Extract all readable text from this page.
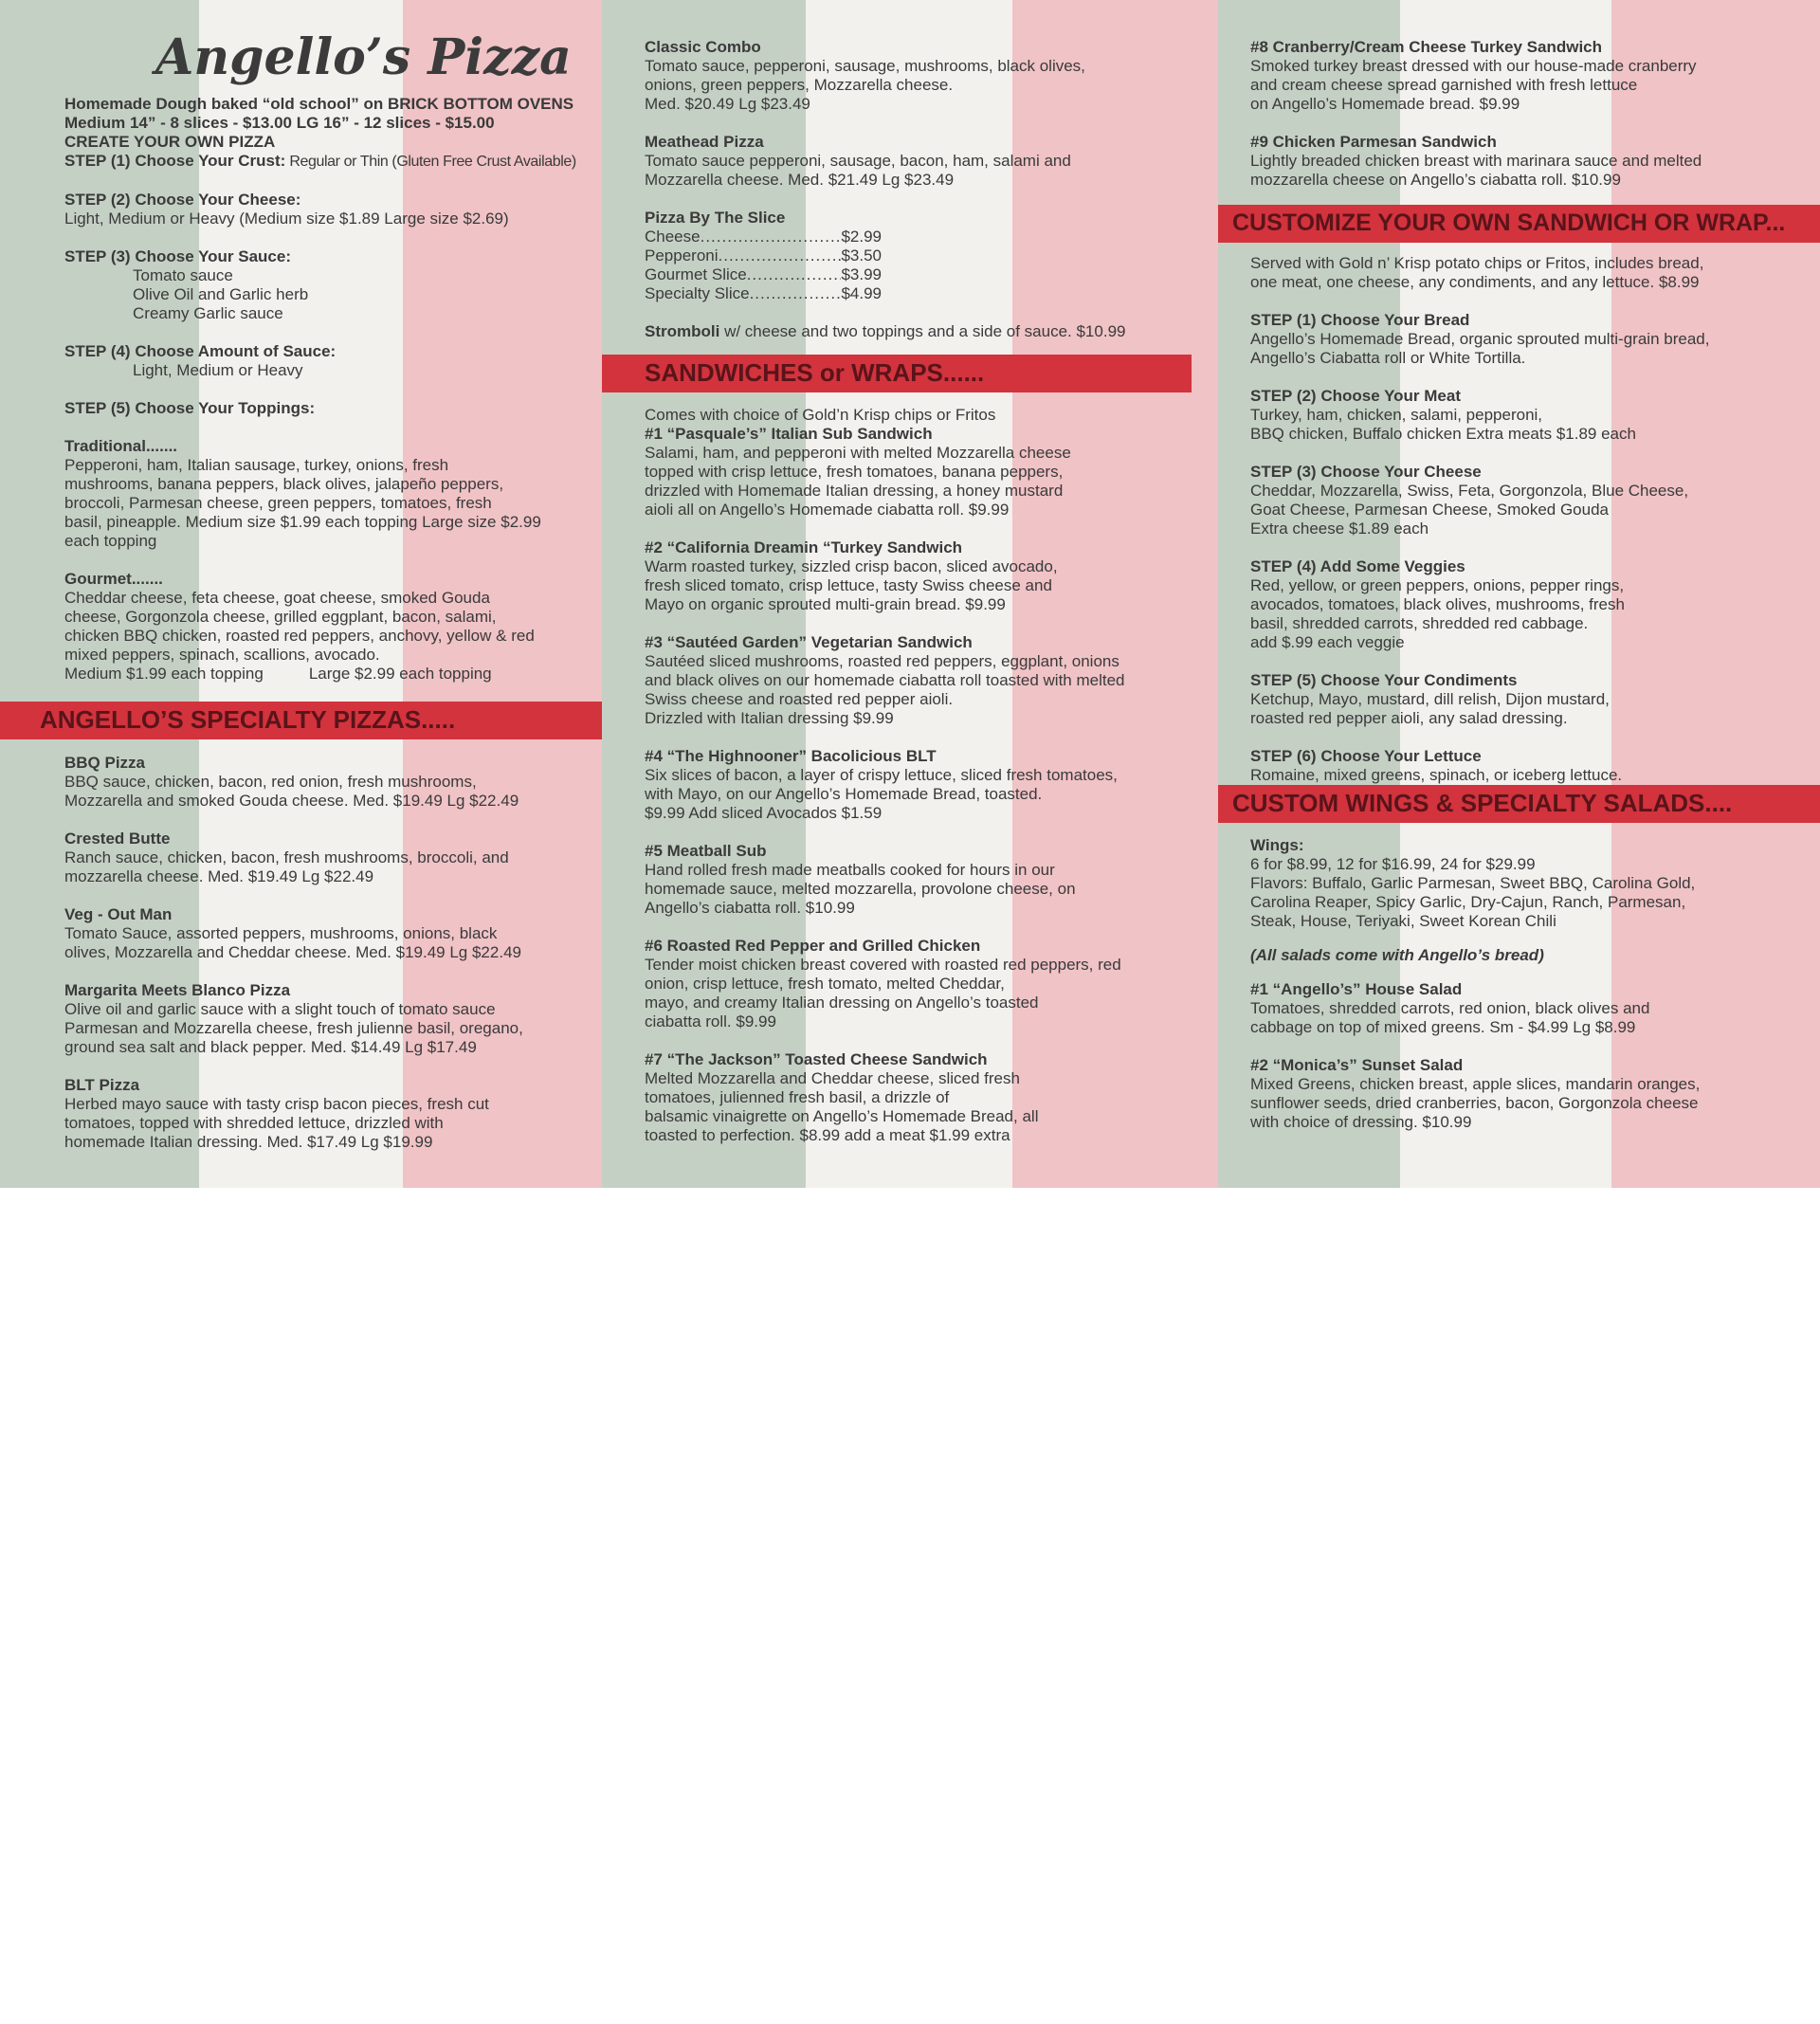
Angello’s Pizza
Homemade Dough baked “old school” on BRICK BOTTOM OVENS
Medium 14” - 8 slices - $13.00 LG 16” - 12 slices - $15.00
CREATE YOUR OWN PIZZA
STEP (1) Choose Your Crust: Regular or Thin (Gluten Free Crust Available)
STEP (2) Choose Your Cheese:
Light, Medium or Heavy (Medium size $1.89 Large size $2.69)
STEP (3) Choose Your Sauce:
Tomato sauce
Olive Oil and Garlic herb
Creamy Garlic sauce
STEP (4) Choose Amount of Sauce:
Light, Medium or Heavy
STEP (5) Choose Your Toppings:
Traditional.......
Pepperoni, ham, Italian sausage, turkey, onions, fresh
mushrooms, banana peppers, black olives, jalapeño peppers,
broccoli, Parmesan cheese, green peppers, tomatoes, fresh
basil, pineapple. Medium size $1.99 each topping Large size $2.99
each topping
Gourmet.......
Cheddar cheese, feta cheese, goat cheese, smoked Gouda
cheese, Gorgonzola cheese, grilled eggplant, bacon, salami,
chicken BBQ chicken, roasted red peppers, anchovy, yellow & red
mixed peppers, spinach, scallions, avocado.
Medium $1.99 each topping	Large $2.99 each topping
ANGELLO’S SPECIALTY PIZZAS.....
BBQ Pizza
BBQ sauce, chicken, bacon, red onion, fresh mushrooms,
Mozzarella and smoked Gouda cheese. Med. $19.49 Lg $22.49
Crested Butte
Ranch sauce, chicken, bacon, fresh mushrooms, broccoli, and
mozzarella cheese. Med. $19.49 Lg $22.49
Veg - Out Man
Tomato Sauce, assorted peppers, mushrooms, onions, black
olives, Mozzarella and Cheddar cheese. Med. $19.49 Lg $22.49
Margarita Meets Blanco Pizza
Olive oil and garlic sauce with a slight touch of tomato sauce
Parmesan and Mozzarella cheese, fresh julienne basil, oregano,
ground sea salt and black pepper. Med. $14.49 Lg $17.49
BLT Pizza
Herbed mayo sauce with tasty crisp bacon pieces, fresh cut
tomatoes, topped with shredded lettuce, drizzled with
homemade Italian dressing. Med. $17.49 Lg $19.99
Classic Combo
Tomato sauce, pepperoni, sausage, mushrooms, black olives,
onions, green peppers, Mozzarella cheese.
Med. $20.49 Lg $23.49
Meathead Pizza
Tomato sauce pepperoni, sausage, bacon, ham, salami and
Mozzarella cheese. Med. $21.49 Lg $23.49
Pizza By The Slice
Cheese .....	$2.99
Pepperoni .....	$3.50
Gourmet Slice .....	$3.99
Specialty Slice .....	$4.99
Stromboli w/ cheese and two toppings and a side of sauce. $10.99
SANDWICHES or WRAPS......
Comes with choice of Gold’n Krisp chips or Fritos
#1 “Pasquale’s” Italian Sub Sandwich
Salami, ham, and pepperoni with melted Mozzarella cheese
topped with crisp lettuce, fresh tomatoes, banana peppers,
drizzled with Homemade Italian dressing, a honey mustard
aioli all on Angello’s Homemade ciabatta roll. $9.99
#2 “California Dreamin “Turkey Sandwich
Warm roasted turkey, sizzled crisp bacon, sliced avocado,
fresh sliced tomato, crisp lettuce, tasty Swiss cheese and
Mayo on organic sprouted multi-grain bread. $9.99
#3 “Sautéed Garden” Vegetarian Sandwich
Sautéed sliced mushrooms, roasted red peppers, eggplant, onions
and black olives on our homemade ciabatta roll toasted with melted
Swiss cheese and roasted red pepper aioli.
Drizzled with Italian dressing $9.99
#4 “The Highnooner” Bacolicious BLT
Six slices of bacon, a layer of crispy lettuce, sliced fresh tomatoes,
with Mayo, on our Angello’s Homemade Bread, toasted.
$9.99 Add sliced Avocados $1.59
#5 Meatball Sub
Hand rolled fresh made meatballs cooked for hours in our
homemade sauce, melted mozzarella, provolone cheese, on
Angello’s ciabatta roll. $10.99
#6 Roasted Red Pepper and Grilled Chicken
Tender moist chicken breast covered with roasted red peppers, red
onion, crisp lettuce, fresh tomato, melted Cheddar,
mayo, and creamy Italian dressing on Angello’s toasted
ciabatta roll. $9.99
#7 “The Jackson” Toasted Cheese Sandwich
Melted Mozzarella and Cheddar cheese, sliced fresh
tomatoes, julienned fresh basil, a drizzle of
balsamic vinaigrette on Angello’s Homemade Bread, all
toasted to perfection. $8.99 add a meat $1.99 extra
#8 Cranberry/Cream Cheese Turkey Sandwich
Smoked turkey breast dressed with our house-made cranberry
and cream cheese spread garnished with fresh lettuce
on Angello’s Homemade bread. $9.99
#9 Chicken Parmesan Sandwich
Lightly breaded chicken breast with marinara sauce and melted
mozzarella cheese on Angello’s ciabatta roll. $10.99
CUSTOMIZE YOUR OWN SANDWICH OR WRAP...
Served with Gold n’ Krisp potato chips or Fritos, includes bread,
one meat, one cheese, any condiments, and any lettuce. $8.99
STEP (1) Choose Your Bread
Angello’s Homemade Bread, organic sprouted multi-grain bread,
Angello’s Ciabatta roll or White Tortilla.
STEP (2) Choose Your Meat
Turkey, ham, chicken, salami, pepperoni,
BBQ chicken, Buffalo chicken Extra meats $1.89 each
STEP (3) Choose Your Cheese
Cheddar, Mozzarella, Swiss, Feta, Gorgonzola, Blue Cheese,
Goat Cheese, Parmesan Cheese, Smoked Gouda
Extra cheese $1.89 each
STEP (4) Add Some Veggies
Red, yellow, or green peppers, onions, pepper rings,
avocados, tomatoes, black olives, mushrooms, fresh
basil, shredded carrots, shredded red cabbage.
add $.99 each veggie
STEP (5) Choose Your Condiments
Ketchup, Mayo, mustard, dill relish, Dijon mustard,
roasted red pepper aioli, any salad dressing.
STEP (6) Choose Your Lettuce
Romaine, mixed greens, spinach, or iceberg lettuce.
CUSTOM WINGS & SPECIALTY SALADS....
Wings:
6 for $8.99, 12 for $16.99, 24 for $29.99
Flavors: Buffalo, Garlic Parmesan, Sweet BBQ, Carolina Gold,
Carolina Reaper, Spicy Garlic, Dry-Cajun, Ranch, Parmesan,
Steak, House, Teriyaki, Sweet Korean Chili
(All salads come with Angello’s bread)
#1 “Angello’s” House Salad
Tomatoes, shredded carrots, red onion, black olives and
cabbage on top of mixed greens. Sm - $4.99 Lg $8.99
#2 “Monica’s” Sunset Salad
Mixed Greens, chicken breast, apple slices, mandarin oranges,
sunflower seeds, dried cranberries, bacon, Gorgonzola cheese
with choice of dressing. $10.99
